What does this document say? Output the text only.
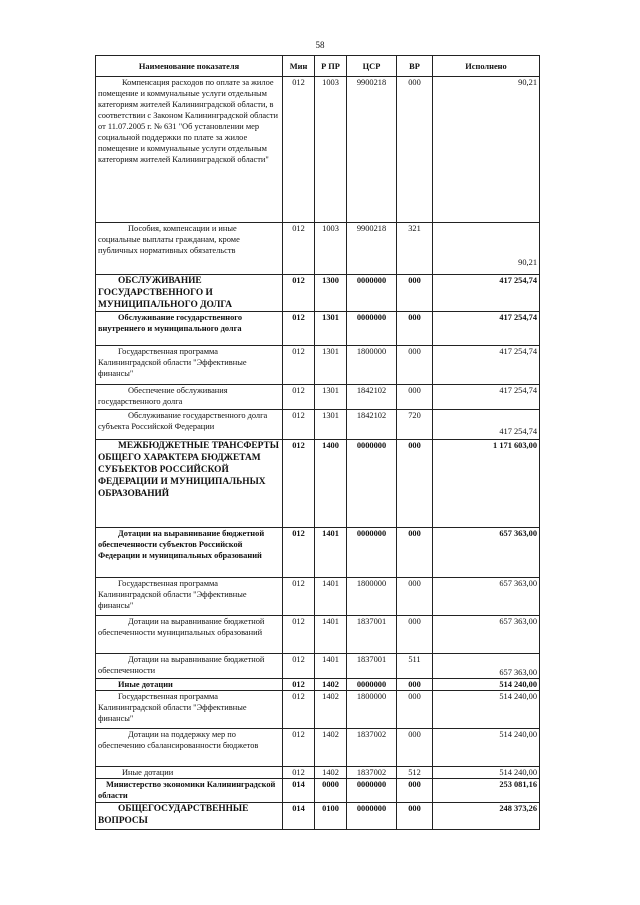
58
Наименование показателя	Мин	Р ПР	ЦСР	ВР	Исполнено
Компенсация расходов по оплате за жилое помещение и коммунальные услуги отдельным категориям жителей Калининградской области, в соответствии с Законом Калининградской области от 11.07.2005 г. № 631 "Об установлении мер социальной поддержки по плате за жилое помещение и коммунальные услуги отдельным категориям жителей Калининградской области"	012	1003	9900218	000	90,21
Пособия, компенсации и иные социальные выплаты гражданам, кроме публичных нормативных обязательств	012	1003	9900218	321	90,21
ОБСЛУЖИВАНИЕ ГОСУДАРСТВЕННОГО И МУНИЦИПАЛЬНОГО ДОЛГА	012	1300	0000000	000	417 254,74
Обслуживание государственного внутреннего и муниципального долга	012	1301	0000000	000	417 254,74
Государственная программа Калининградской области "Эффективные финансы"	012	1301	1800000	000	417 254,74
Обеспечение обслуживания государственного долга	012	1301	1842102	000	417 254,74
Обслуживание государственного долга субъекта Российской Федерации	012	1301	1842102	720	417 254,74
МЕЖБЮДЖЕТНЫЕ ТРАНСФЕРТЫ ОБЩЕГО ХАРАКТЕРА БЮДЖЕТАМ СУБЪЕКТОВ РОССИЙСКОЙ ФЕДЕРАЦИИ И МУНИЦИПАЛЬНЫХ ОБРАЗОВАНИЙ	012	1400	0000000	000	1 171 603,00
Дотации на выравнивание бюджетной обеспеченности субъектов Российской Федерации и муниципальных образований	012	1401	0000000	000	657 363,00
Государственная программа Калининградской области "Эффективные финансы"	012	1401	1800000	000	657 363,00
Дотации на выравнивание бюджетной обеспеченности муниципальных образований	012	1401	1837001	000	657 363,00
Дотации на выравнивание бюджетной обеспеченности	012	1401	1837001	511	657 363,00
Иные дотации	012	1402	0000000	000	514 240,00
Государственная программа Калининградской области "Эффективные финансы"	012	1402	1800000	000	514 240,00
Дотации на поддержку мер по обеспечению сбалансированности бюджетов	012	1402	1837002	000	514 240,00
Иные дотации	012	1402	1837002	512	514 240,00
Министерство экономики Калининградской области	014	0000	0000000	000	253 081,16
ОБЩЕГОСУДАРСТВЕННЫЕ ВОПРОСЫ	014	0100	0000000	000	248 373,26
